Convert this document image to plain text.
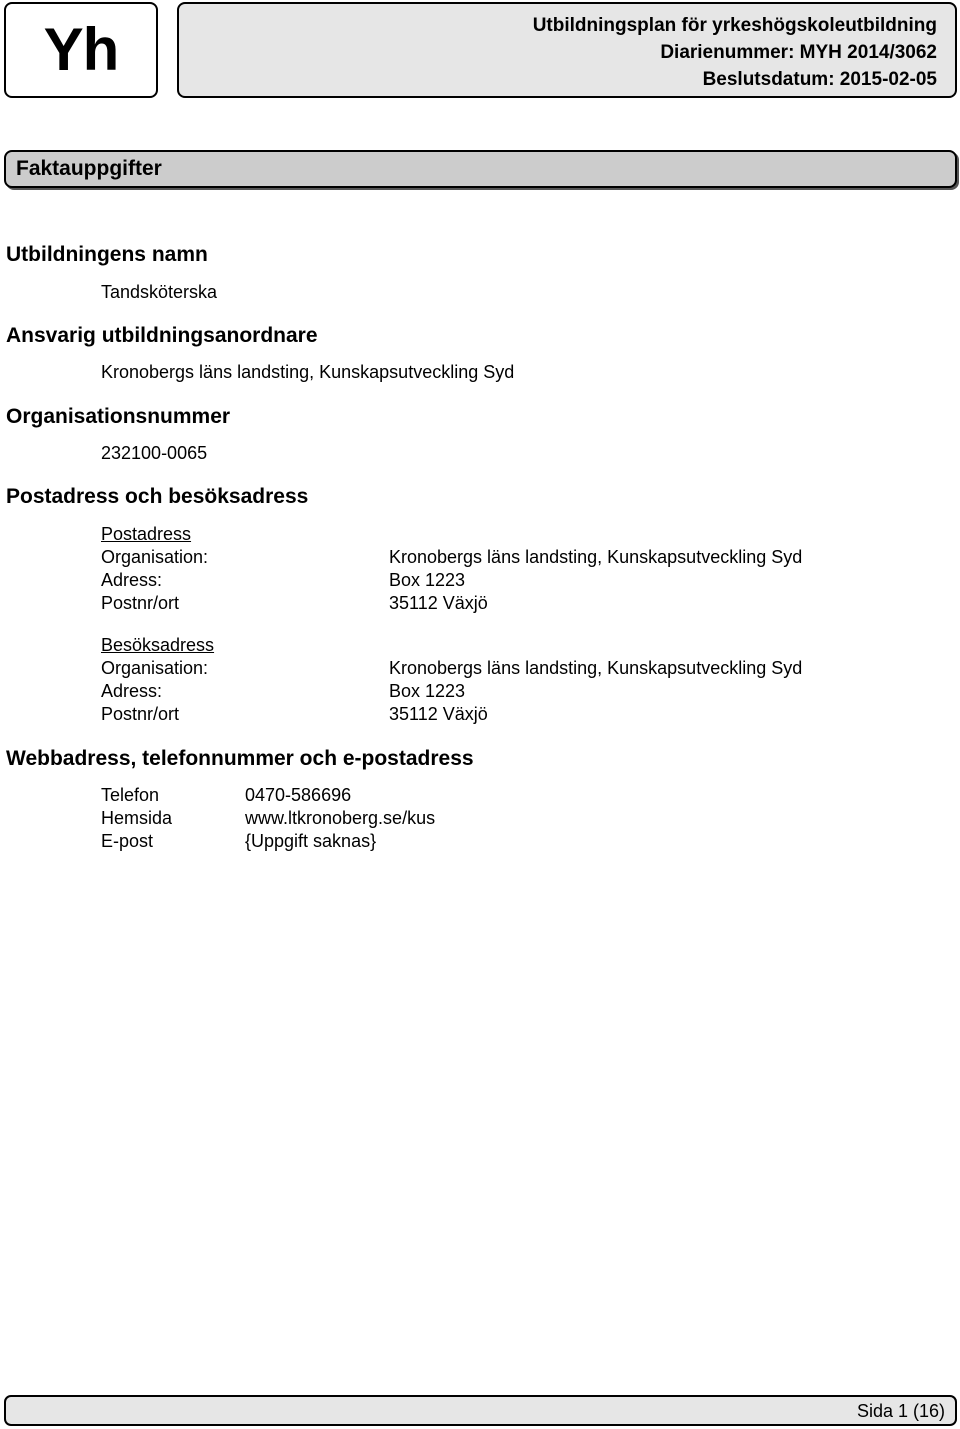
Yh	Utbildningsplan för yrkeshögskoleutbildning
Diarienummer: MYH 2014/3062
Beslutsdatum: 2015-02-05
Faktauppgifter
Utbildningens namn
Tandsköterska
Ansvarig utbildningsanordnare
Kronobergs läns landsting, Kunskapsutveckling Syd
Organisationsnummer
232100-0065
Postadress och besöksadress
Postadress
Organisation:	Kronobergs läns landsting, Kunskapsutveckling Syd
Adress:	Box 1223
Postnr/ort	35112 Växjö
Besöksadress
Organisation:	Kronobergs läns landsting, Kunskapsutveckling Syd
Adress:	Box 1223
Postnr/ort	35112 Växjö
Webbadress, telefonnummer och e-postadress
Telefon	0470-586696
Hemsida	www.ltkronoberg.se/kus
E-post	{Uppgift saknas}
Sida 1 (16)
